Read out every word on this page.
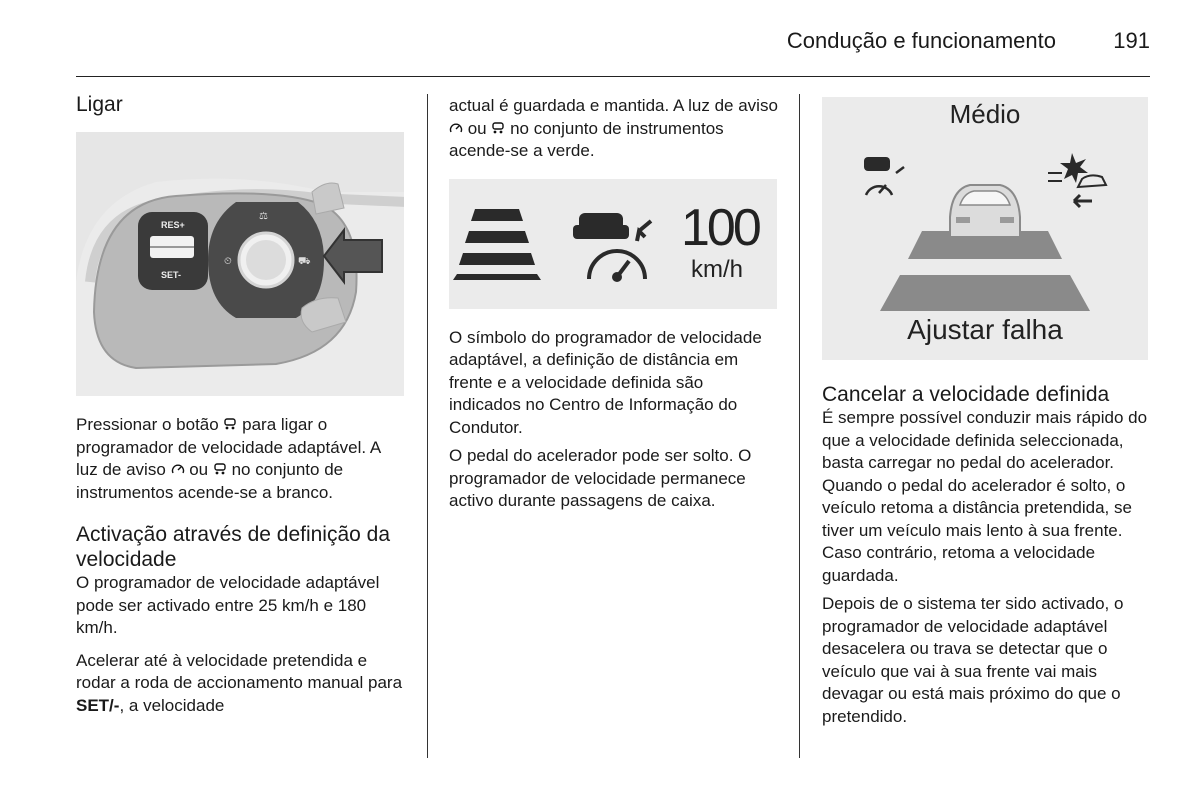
Condução e funcionamento	191
Ligar
RES+
SET-
⚖
⏲	⛟

Pressionar o botão  para ligar o programador de velocidade adaptável. A luz de aviso  ou  no conjunto de instrumentos acende-se a branco.

Activação através de definição da velocidade

O programador de velocidade adaptável pode ser activado entre 25 km/h e 180 km/h.

Acelerar até à velocidade pretendida e rodar a roda de accionamento manual para SET/-, a velocidade

actual é guardada e mantida. A luz de aviso  ou  no conjunto de instrumentos acende-se a verde.

100
km/h

O símbolo do programador de velocidade adaptável, a definição de distância em frente e a velocidade definida são indicados no Centro de Informação do Condutor.

O pedal do acelerador pode ser solto. O programador de velocidade permanece activo durante passagens de caixa.

Médio
Ajustar falha
Cancelar a velocidade definida

É sempre possível conduzir mais rápido do que a velocidade definida seleccionada, basta carregar no pedal do acelerador. Quando o pedal do acelerador é solto, o veículo retoma a distância pretendida, se tiver um veículo mais lento à sua frente. Caso contrário, retoma a velocidade guardada.

Depois de o sistema ter sido activado, o programador de velocidade adaptável desacelera ou trava se detectar que o veículo que vai à sua frente vai mais devagar ou está mais próximo do que o pretendido.
